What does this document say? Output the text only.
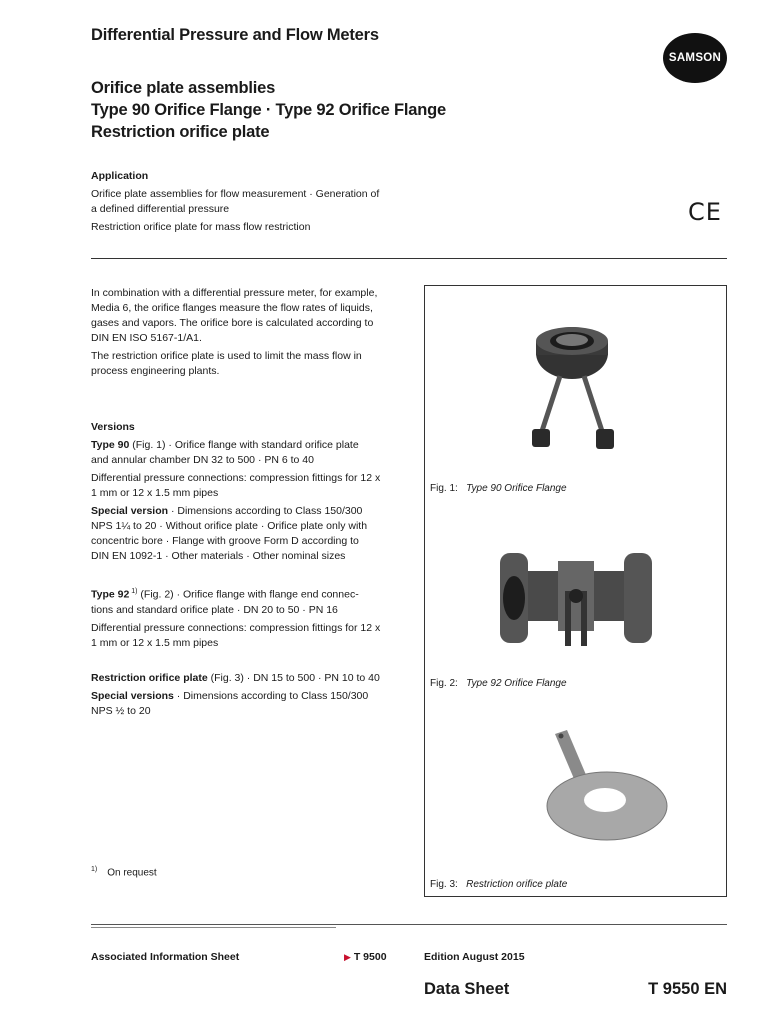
Differential Pressure and Flow Meters
SAMSON
Orifice plate assemblies
Type 90 Orifice Flange · Type 92 Orifice Flange
Restriction orifice plate
Application

Orifice plate assemblies for flow measurement · Generation of

a defined differential pressure

Restriction orifice plate for mass flow restriction

CE

In combination with a differential pressure meter, for example,

Media 6, the orifice flanges measure the flow rates of liquids,

gases and vapors. The orifice bore is calculated according to

DIN EN ISO 5167-1/A1.

The restriction orifice plate is used to limit the mass flow in

process engineering plants.

Versions

Type 90 (Fig. 1) · Orifice flange with standard orifice plate

and annular chamber DN 32 to 500 · PN 6 to 40

Differential pressure connections: compression fittings for 12 x

1 mm or 12 x 1.5 mm pipes

Special version · Dimensions according to Class 150/300

NPS 1¼ to 20 · Without orifice plate · Orifice plate only with

concentric bore · Flange with groove Form D according to

DIN EN 1092-1 · Other materials · Other nominal sizes

Type 92 $^{1)}$ (Fig. 2) · Orifice flange with flange end connec-

tions and standard orifice plate · DN 20 to 50 · PN 16

Differential pressure connections: compression fittings for 12 x

1 mm or 12 x 1.5 mm pipes

Restriction orifice plate (Fig. 3) · DN 15 to 500 · PN 10 to 40

Special versions · Dimensions according to Class 150/300

NPS ½ to 20

$^{1)}$ On request
Fig. 1: Type 90 Orifice Flange
Fig. 2: Type 92 Orifice Flange
Fig. 3: Restriction orifice plate
Associated Information Sheet	▶ T 9500	Edition August 2015
Data Sheet	T 9550 EN
